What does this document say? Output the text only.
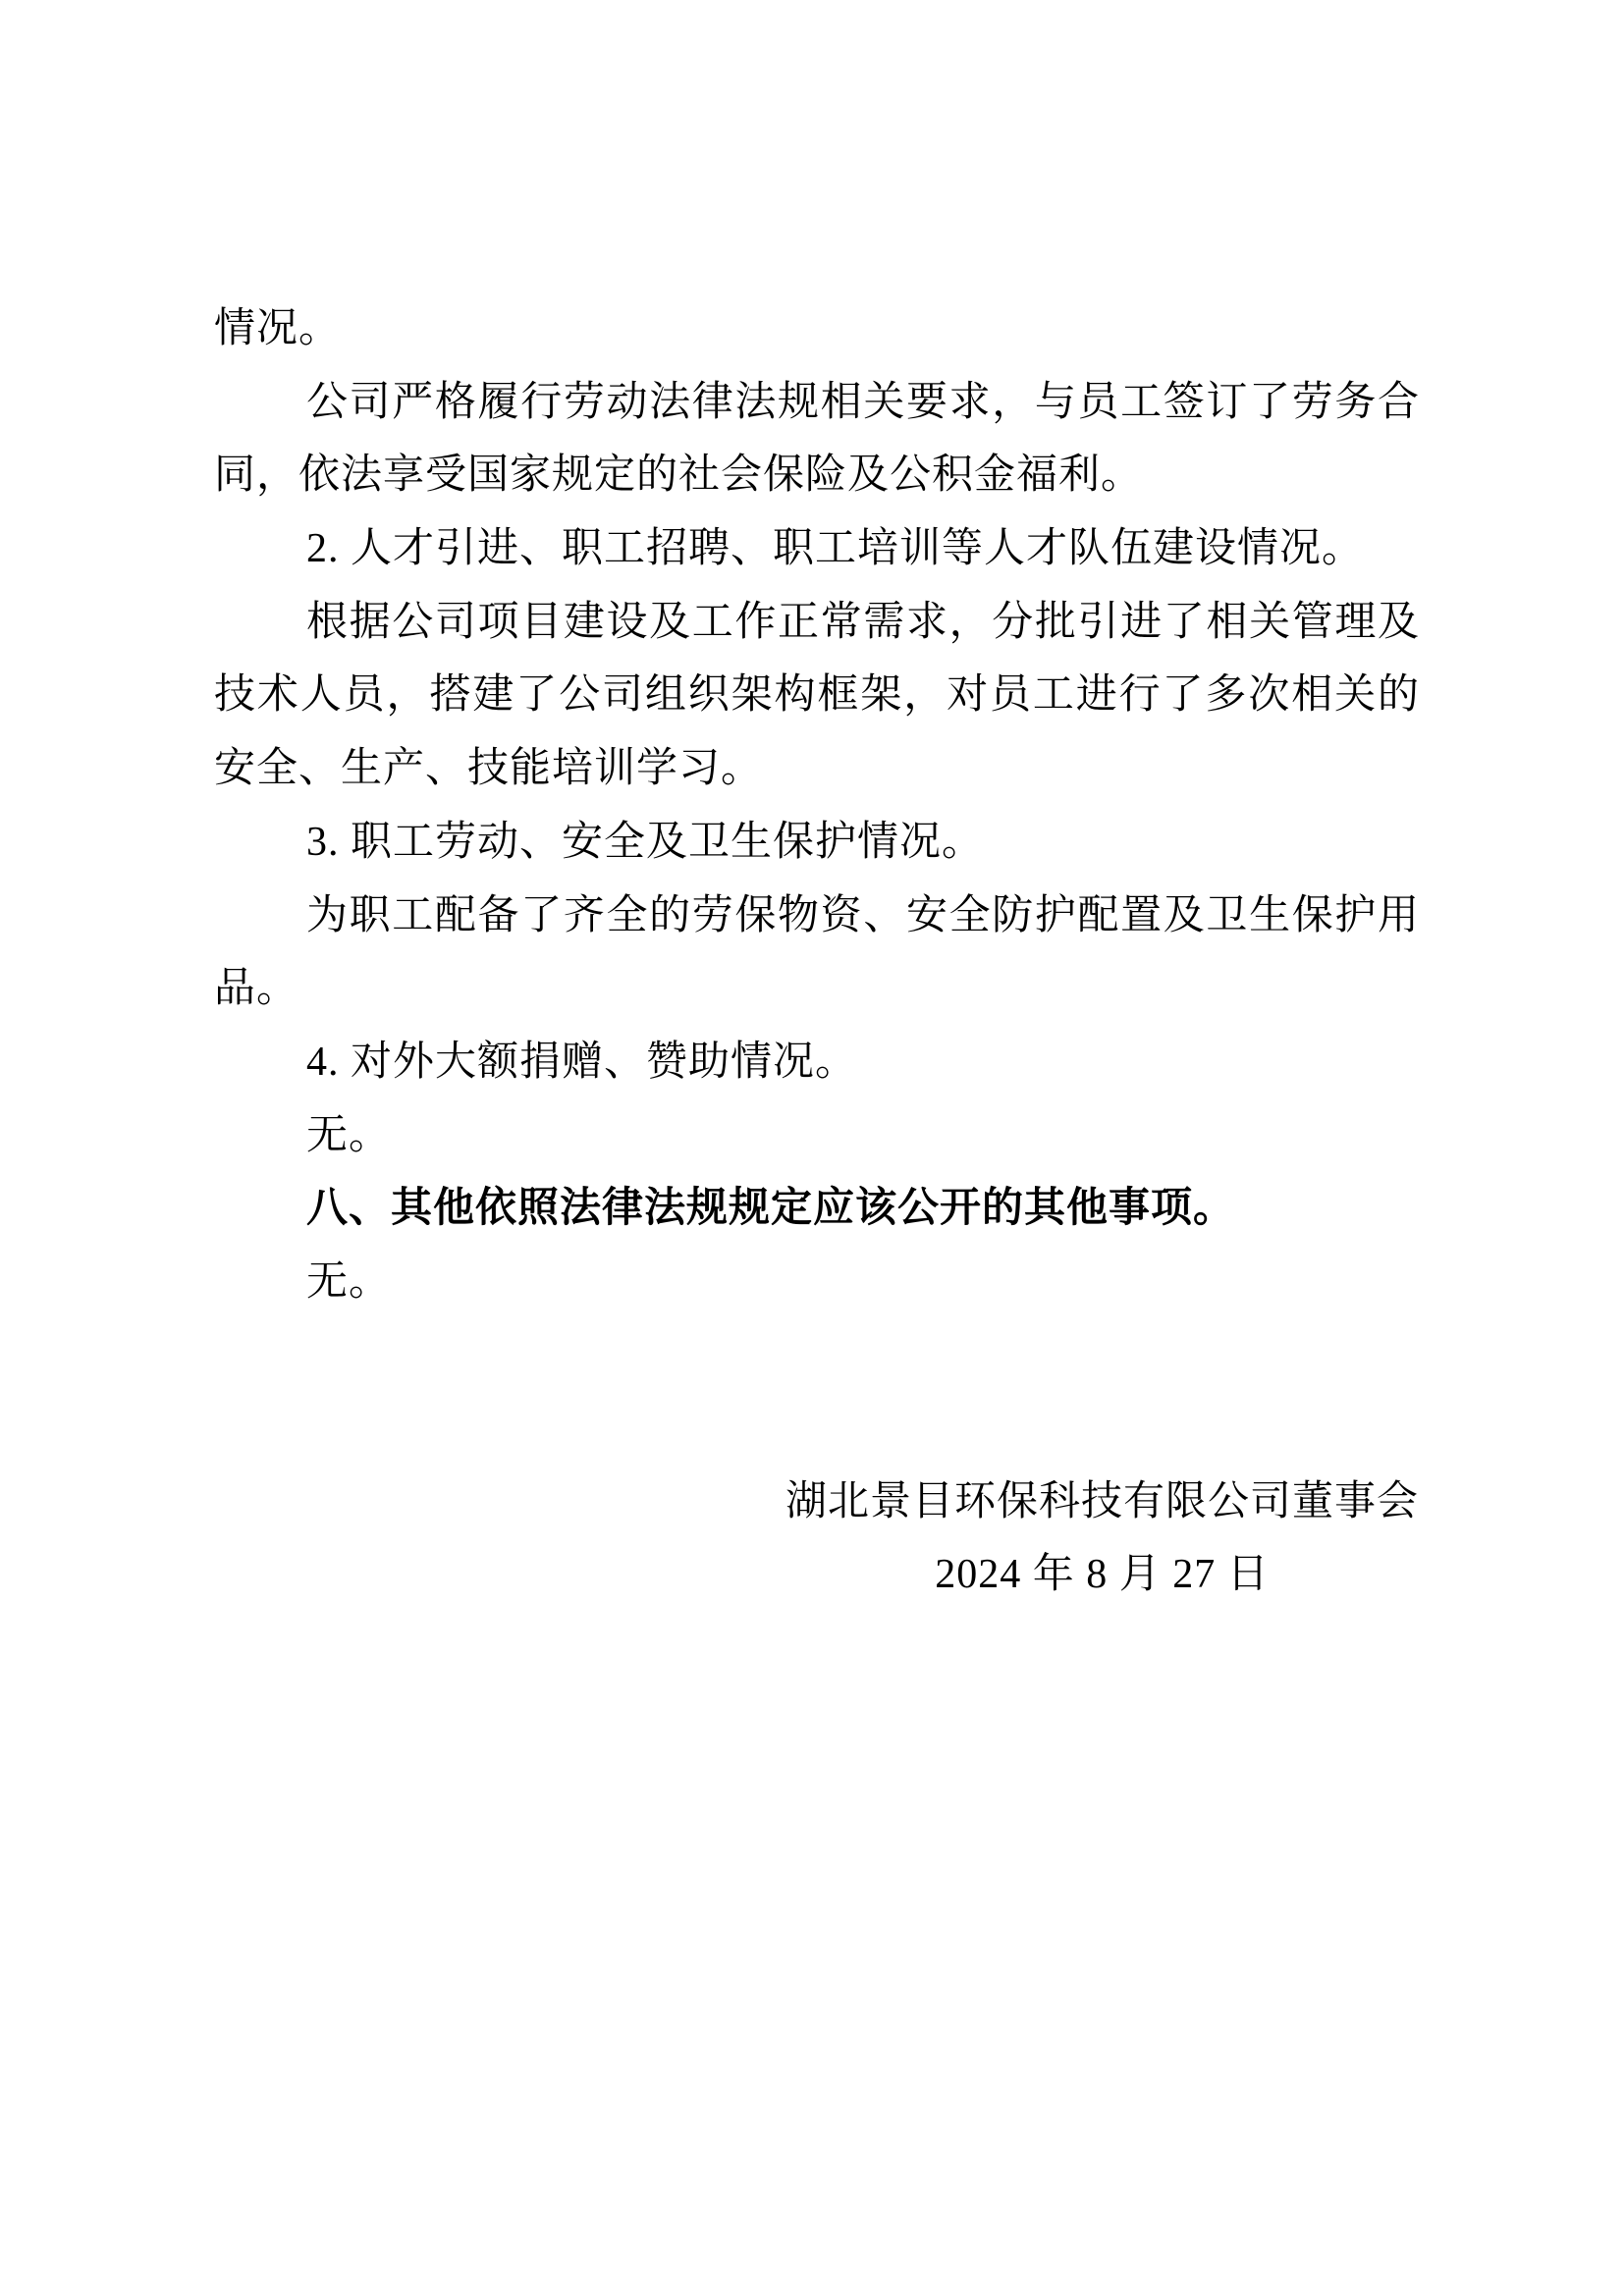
情况。
公司严格履行劳动法律法规相关要求，与员工签订了劳务合
同，依法享受国家规定的社会保险及公积金福利。
2. 人才引进、职工招聘、职工培训等人才队伍建设情况。
根据公司项目建设及工作正常需求，分批引进了相关管理及
技术人员，搭建了公司组织架构框架，对员工进行了多次相关的
安全、生产、技能培训学习。
3. 职工劳动、安全及卫生保护情况。
为职工配备了齐全的劳保物资、安全防护配置及卫生保护用
品。
4. 对外大额捐赠、赞助情况。
无。
八、其他依照法律法规规定应该公开的其他事项。
无。
湖北景目环保科技有限公司董事会
2024 年 8 月 27 日
